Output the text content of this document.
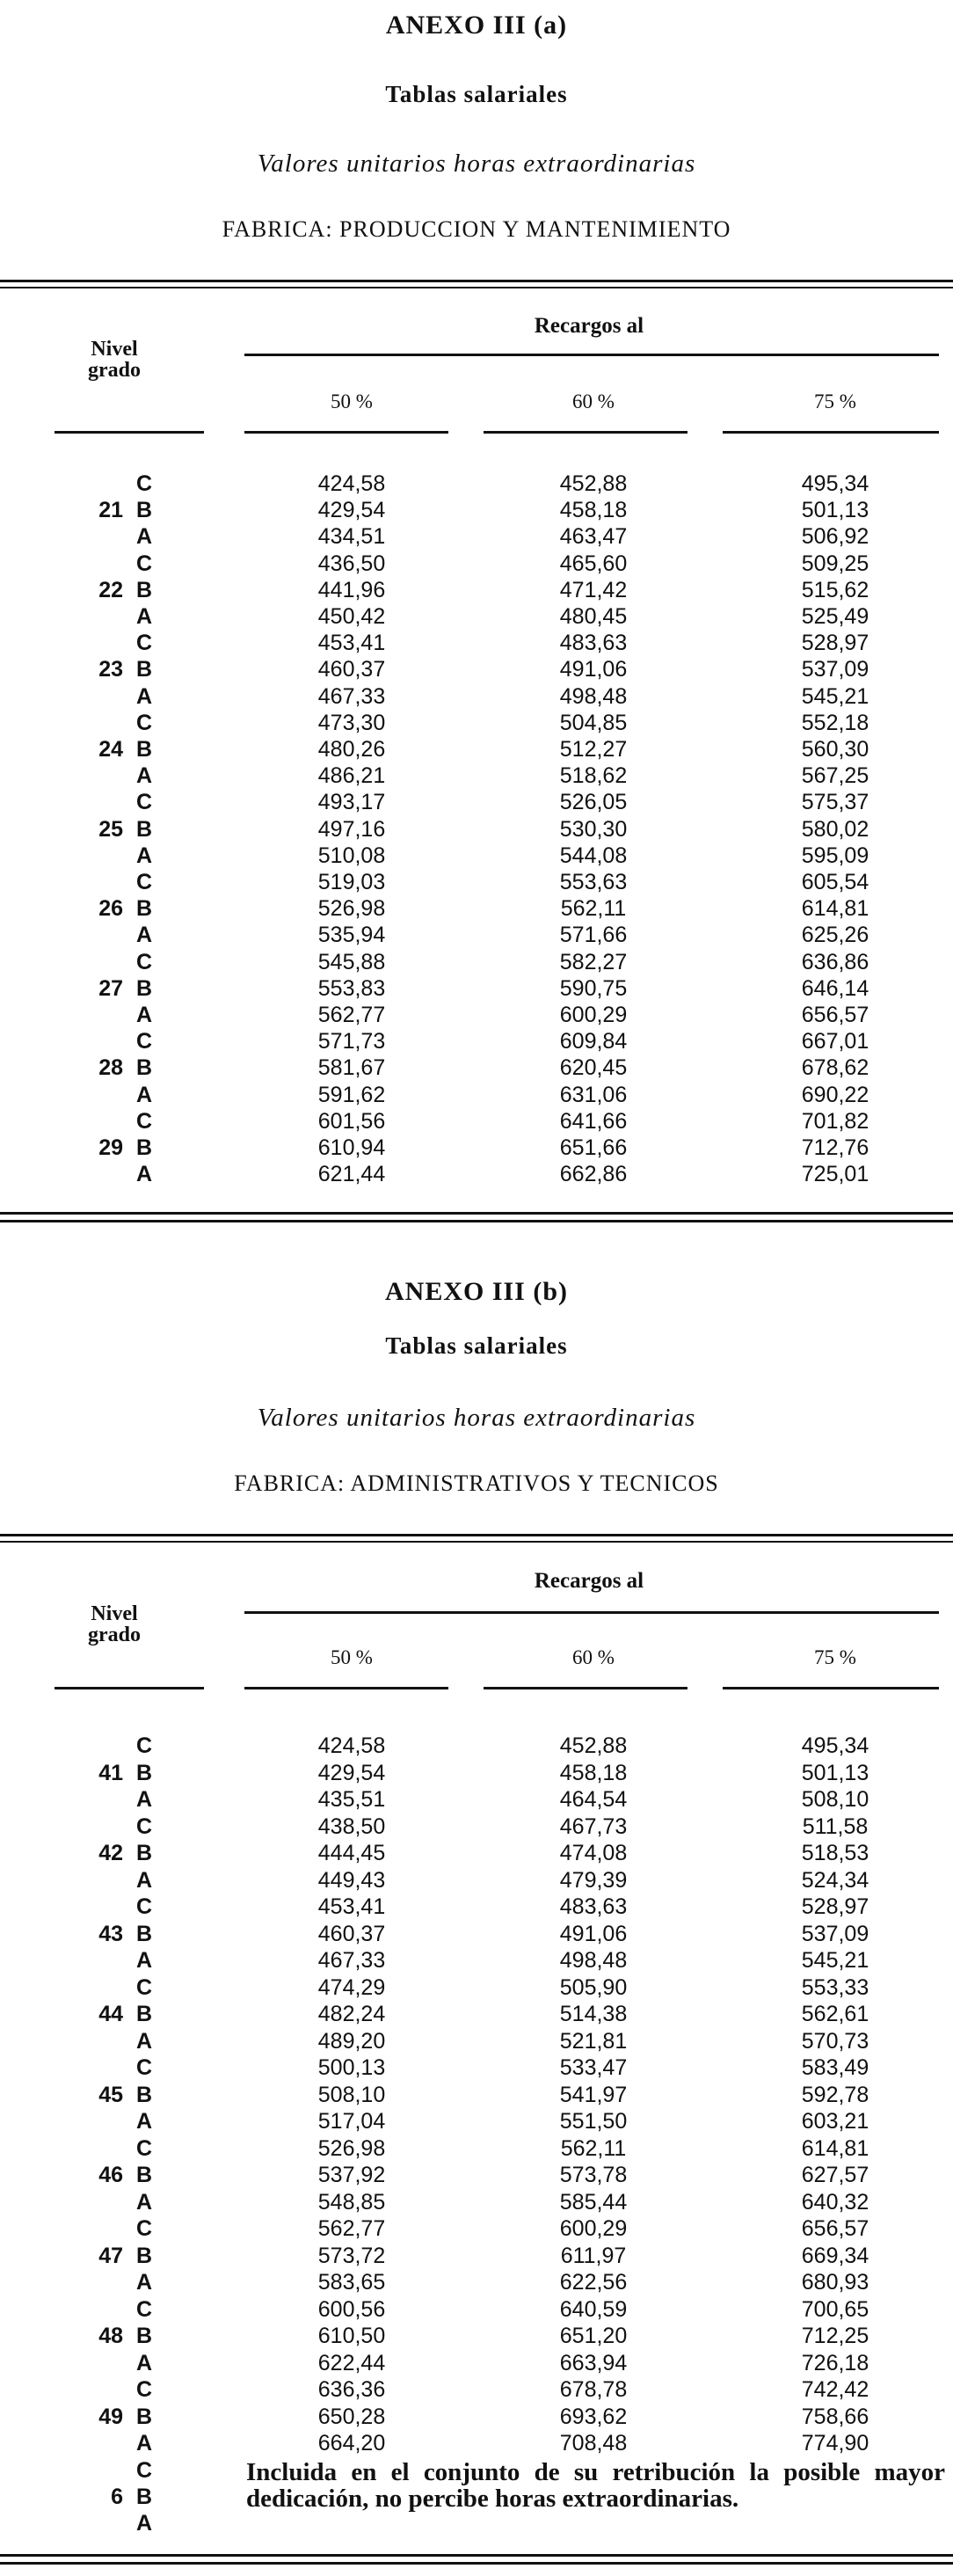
ANEXO III (a)
Tablas salariales
Valores unitarios horas extraordinarias
FABRICA: PRODUCCION Y MANTENIMIENTO
Nivel
grado
Recargos al
50 %	60 %	75 %
C	424,58	452,88	495,34
21 B	429,54	458,18	501,13
A	434,51	463,47	506,92
C	436,50	465,60	509,25
22 B	441,96	471,42	515,62
A	450,42	480,45	525,49
C	453,41	483,63	528,97
23 B	460,37	491,06	537,09
A	467,33	498,48	545,21
C	473,30	504,85	552,18
24 B	480,26	512,27	560,30
A	486,21	518,62	567,25
C	493,17	526,05	575,37
25 B	497,16	530,30	580,02
A	510,08	544,08	595,09
C	519,03	553,63	605,54
26 B	526,98	562,11	614,81
A	535,94	571,66	625,26
C	545,88	582,27	636,86
27 B	553,83	590,75	646,14
A	562,77	600,29	656,57
C	571,73	609,84	667,01
28 B	581,67	620,45	678,62
A	591,62	631,06	690,22
C	601,56	641,66	701,82
29 B	610,94	651,66	712,76
A	621,44	662,86	725,01
ANEXO III (b)
Tablas salariales
Valores unitarios horas extraordinarias
FABRICA: ADMINISTRATIVOS Y TECNICOS
Nivel
grado
Recargos al
50 %	60 %	75 %
C	424,58	452,88	495,34
41 B	429,54	458,18	501,13
A	435,51	464,54	508,10
C	438,50	467,73	511,58
42 B	444,45	474,08	518,53
A	449,43	479,39	524,34
C	453,41	483,63	528,97
43 B	460,37	491,06	537,09
A	467,33	498,48	545,21
C	474,29	505,90	553,33
44 B	482,24	514,38	562,61
A	489,20	521,81	570,73
C	500,13	533,47	583,49
45 B	508,10	541,97	592,78
A	517,04	551,50	603,21
C	526,98	562,11	614,81
46 B	537,92	573,78	627,57
A	548,85	585,44	640,32
C	562,77	600,29	656,57
47 B	573,72	611,97	669,34
A	583,65	622,56	680,93
C	600,56	640,59	700,65
48 B	610,50	651,20	712,25
A	622,44	663,94	726,18
C	636,36	678,78	742,42
49 B	650,28	693,62	758,66
A	664,20	708,48	774,90
C
6 B
A
Incluida en el conjunto de su retribución la posible mayor dedicación, no percibe horas extraordinarias.
